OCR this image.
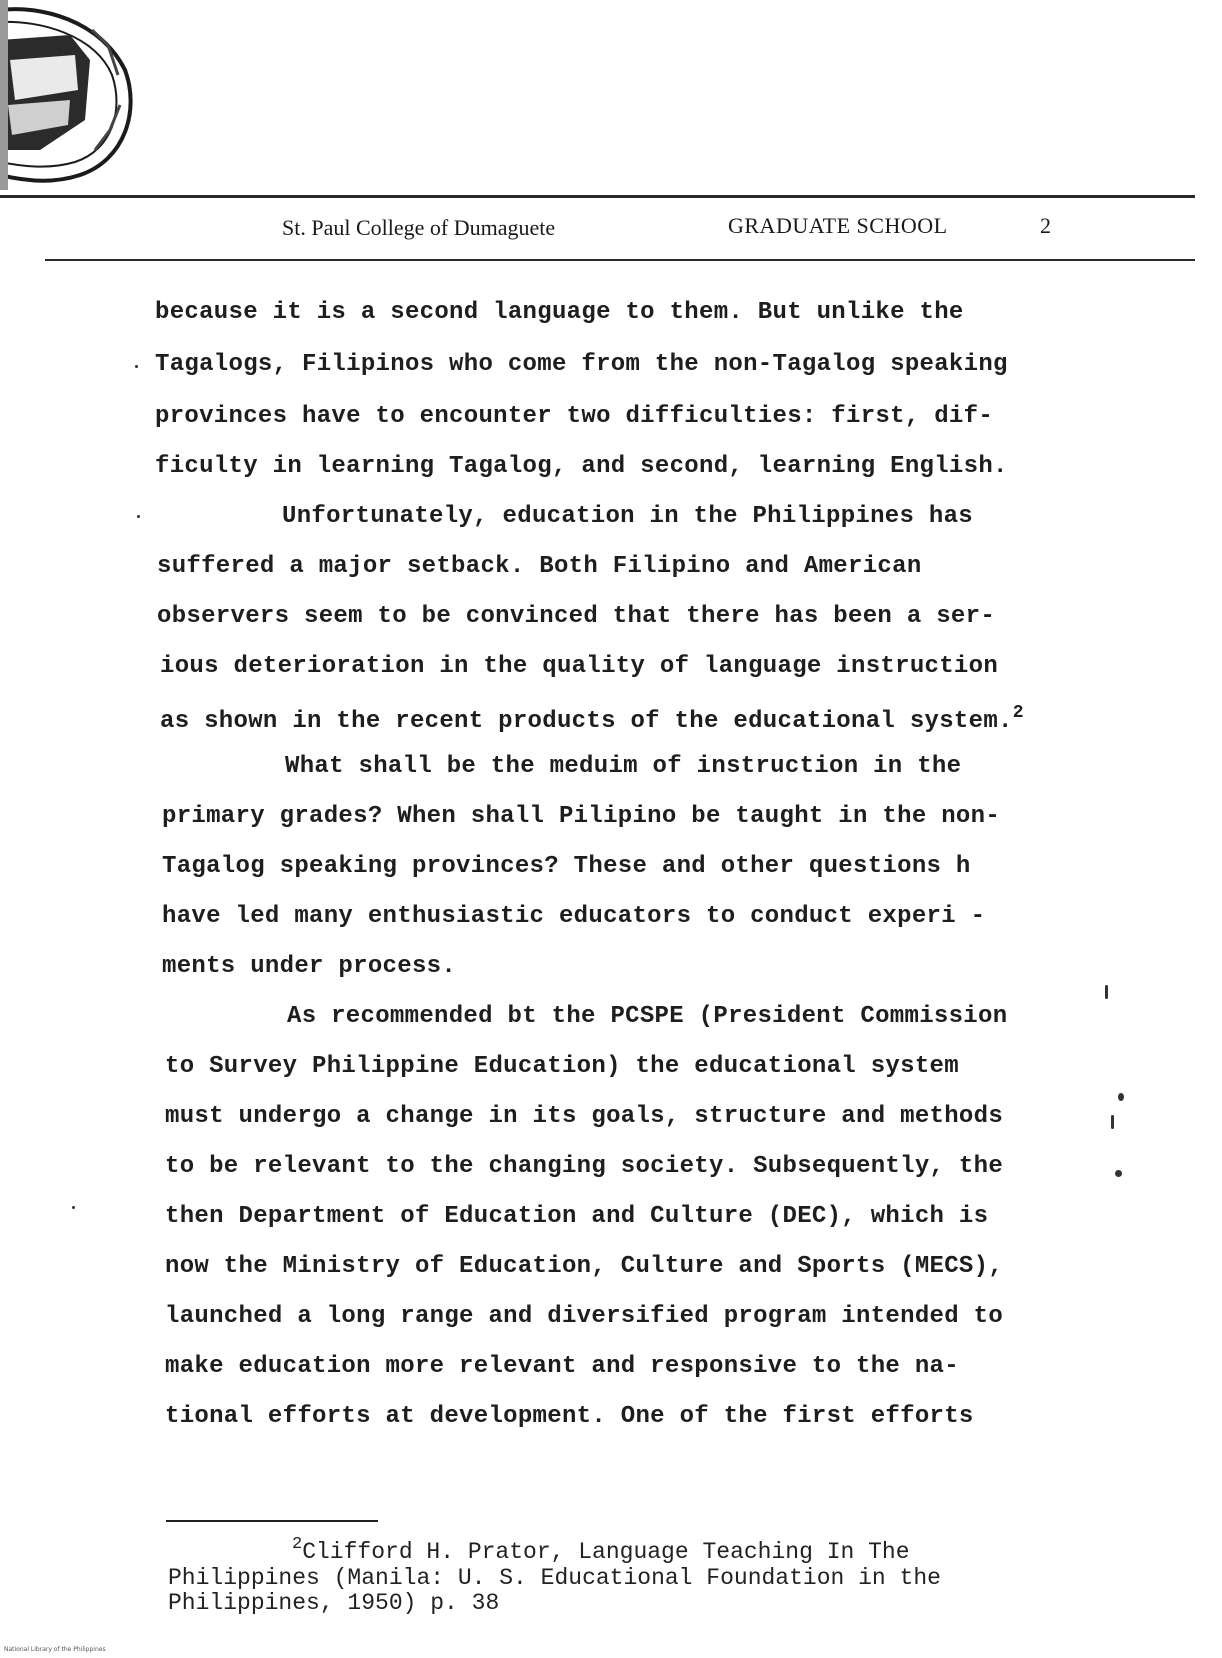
St. Paul College of Dumaguete	GRADUATE SCHOOL	2
because it is a second language to them. But unlike the
Tagalogs, Filipinos who come from the non-Tagalog speaking
provinces have to encounter two difficulties: first, dif-
ficulty in learning Tagalog, and second, learning English.
Unfortunately, education in the Philippines has
suffered a major setback. Both Filipino and American
observers seem to be convinced that there has been a ser-
ious deterioration in the quality of language instruction
as shown in the recent products of the educational system.$^2$
What shall be the meduim of instruction in the
primary grades? When shall Pilipino be taught in the non-
Tagalog speaking provinces? These and other questions h
have led many enthusiastic educators to conduct experi -
ments under process.
As recommended bt the PCSPE (President Commission
to Survey Philippine Education) the educational system
must undergo a change in its goals, structure and methods
to be relevant to the changing society. Subsequently, the
then Department of Education and Culture (DEC), which is
now the Ministry of Education, Culture and Sports (MECS),
launched a long range and diversified program intended to
make education more relevant and responsive to the na-
tional efforts at development. One of the first efforts
$^2$Clifford H. Prator, Language Teaching In The
Philippines (Manila: U. S. Educational Foundation in the
Philippines, 1950) p. 38
National Library of the Philippines
